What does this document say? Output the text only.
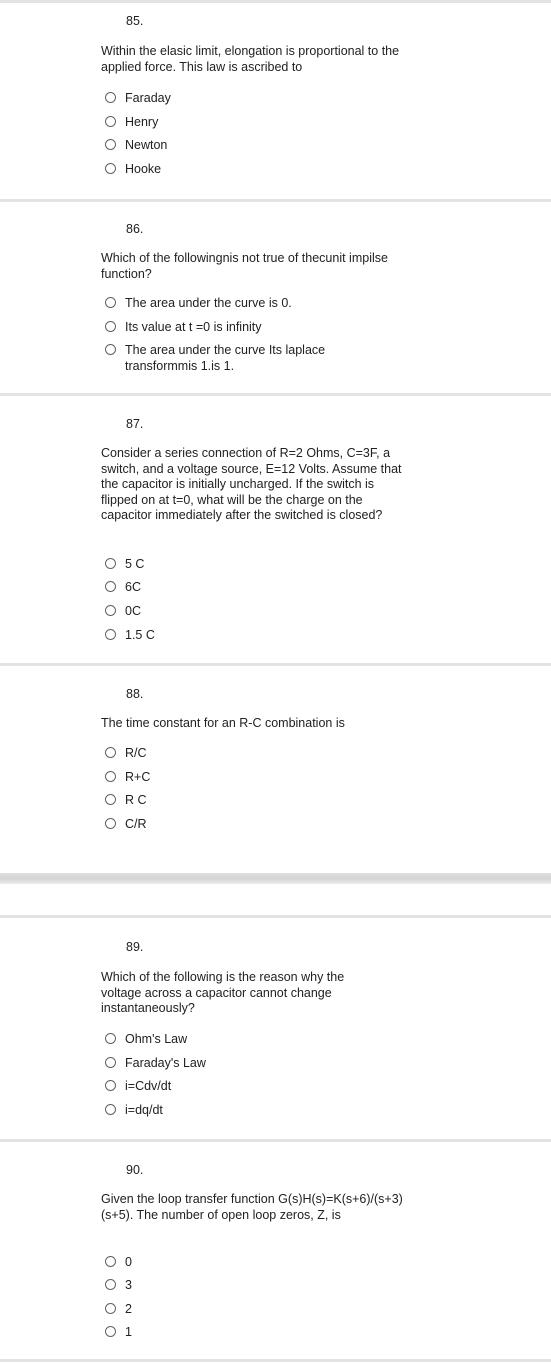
85.
Within the elasic limit, elongation is proportional to the applied force. This law is ascribed to
Faraday
Henry
Newton
Hooke
86.
Which of the followingnis not true of thecunit impilse function?
The area under the curve is 0.
Its value at t =0 is infinity
The area under the curve Its laplace transformmis 1.is 1.
87.
Consider a series connection of R=2 Ohms, C=3F, a switch, and a voltage source, E=12 Volts. Assume that the capacitor is initially uncharged. If the switch is flipped on at t=0, what will be the charge on the capacitor immediately after the switched is closed?
5 C
6C
0C
1.5 C
88.
The time constant for an R-C combination is
R/C
R+C
R C
C/R
89.
Which of the following is the reason why the voltage across a capacitor cannot change instantaneously?
Ohm's Law
Faraday's Law
i=Cdv/dt
i=dq/dt
90.
Given the loop transfer function G(s)H(s)=K(s+6)/(s+3)(s+5). The number of open loop zeros, Z, is
0
3
2
1
